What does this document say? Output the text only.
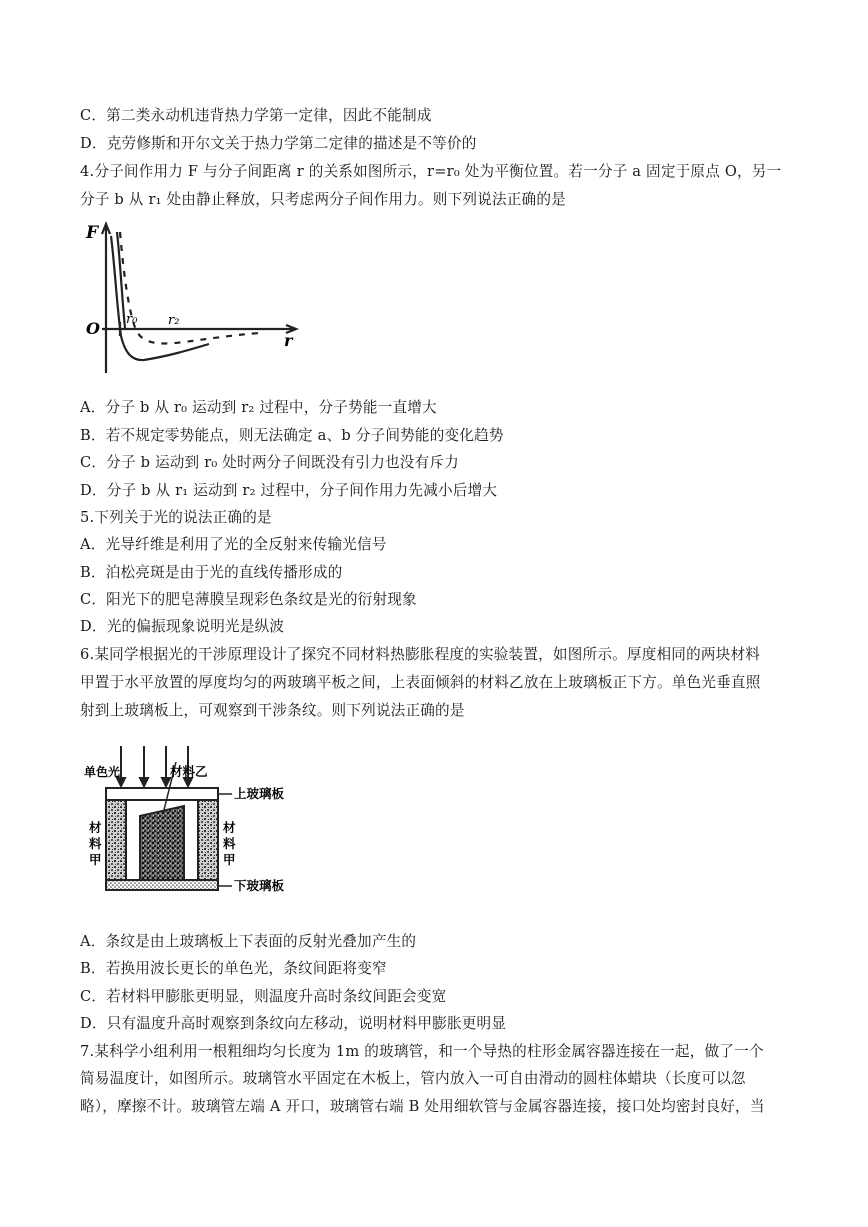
C．第二类永动机违背热力学第一定律，因此不能制成
D．克劳修斯和开尔文关于热力学第二定律的描述是不等价的
4.分子间作用力 F 与分子间距离 r 的关系如图所示，r=r₀ 处为平衡位置。若一分子 a 固定于原点 O，另一
分子 b 从 r₁ 处由静止释放，只考虑两分子间作用力。则下列说法正确的是
F
O
r
r₀ r₂
A．分子 b 从 r₀ 运动到 r₂ 过程中，分子势能一直增大
B．若不规定零势能点，则无法确定 a、b 分子间势能的变化趋势
C．分子 b 运动到 r₀ 处时两分子间既没有引力也没有斥力
D．分子 b 从 r₁ 运动到 r₂ 过程中，分子间作用力先减小后增大
5.下列关于光的说法正确的是
A．光导纤维是利用了光的全反射来传输光信号
B．泊松亮斑是由于光的直线传播形成的
C．阳光下的肥皂薄膜呈现彩色条纹是光的衍射现象
D．光的偏振现象说明光是纵波
6.某同学根据光的干涉原理设计了探究不同材料热膨胀程度的实验装置，如图所示。厚度相同的两块材料
甲置于水平放置的厚度均匀的两玻璃平板之间，上表面倾斜的材料乙放在上玻璃板正下方。单色光垂直照
射到上玻璃板上，可观察到干涉条纹。则下列说法正确的是
单色光	材料乙
上玻璃板
下玻璃板
材
料
甲
材
料
甲
A．条纹是由上玻璃板上下表面的反射光叠加产生的
B．若换用波长更长的单色光，条纹间距将变窄
C．若材料甲膨胀更明显，则温度升高时条纹间距会变宽
D．只有温度升高时观察到条纹向左移动，说明材料甲膨胀更明显
7.某科学小组利用一根粗细均匀长度为 1m 的玻璃管，和一个导热的柱形金属容器连接在一起，做了一个
简易温度计，如图所示。玻璃管水平固定在木板上，管内放入一可自由滑动的圆柱体蜡块（长度可以忽
略），摩擦不计。玻璃管左端 A 开口，玻璃管右端 B 处用细软管与金属容器连接，接口处均密封良好，当
